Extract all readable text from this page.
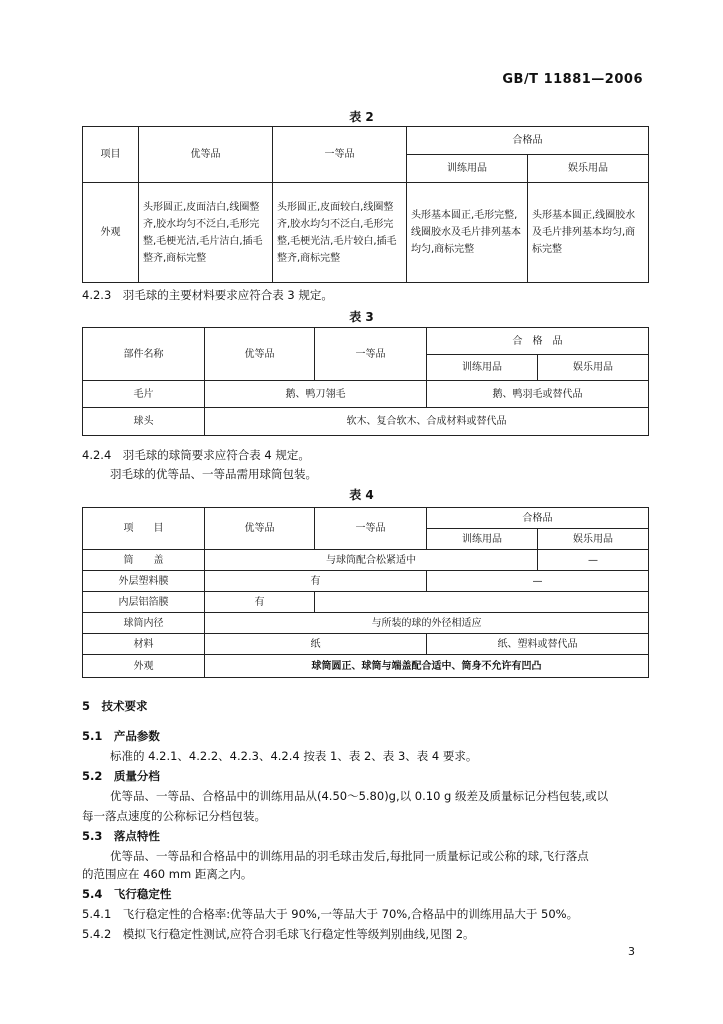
GB/T 11881—2006
表 2
项目	优等品	一等品	合格品	
			训练用品	娱乐用品
外观	头形圆正,皮面洁白,线圈整齐,胶水均匀不泛白,毛形完整,毛梗光洁,毛片洁白,插毛整齐,商标完整	头形圆正,皮面较白,线圈整齐,胶水均匀不泛白,毛形完整,毛梗光洁,毛片较白,插毛整齐,商标完整	头形基本圆正,毛形完整,线圈胶水及毛片排列基本均匀,商标完整	头形基本圆正,线圈胶水及毛片排列基本均匀,商标完整
4.2.3　羽毛球的主要材料要求应符合表 3 规定。
表 3
部件名称	优等品	一等品	合　格　品	
			训练用品	娱乐用品
毛片	鹅、鸭刀翎毛		鹅、鸭羽毛或替代品	
球头	软木、复合软木、合成材料或替代品			
4.2.4　羽毛球的球筒要求应符合表 4 规定。
羽毛球的优等品、一等品需用球筒包装。
表 4
项　　目	优等品	一等品	合格品	
			训练用品	娱乐用品
筒　　盖	与球筒配合松紧适中			—
外层塑料膜	有		—	
内层铝箔膜	有			
球筒内径	与所装的球的外径相适应			
材料	纸		纸、塑料或替代品	
外观	球筒圆正、球筒与端盖配合适中、筒身不允许有凹凸			
5　技术要求
5.1　产品参数
标准的 4.2.1、4.2.2、4.2.3、4.2.4 按表 1、表 2、表 3、表 4 要求。
5.2　质量分档
优等品、一等品、合格品中的训练用品从(4.50～5.80)g,以 0.10 g 级差及质量标记分档包装,或以
每一落点速度的公称标记分档包装。
5.3　落点特性
优等品、一等品和合格品中的训练用品的羽毛球击发后,每批同一质量标记或公称的球,飞行落点
的范围应在 460 mm 距离之内。
5.4　飞行稳定性
5.4.1　飞行稳定性的合格率:优等品大于 90%,一等品大于 70%,合格品中的训练用品大于 50%。
5.4.2　模拟飞行稳定性测试,应符合羽毛球飞行稳定性等级判别曲线,见图 2。
3
